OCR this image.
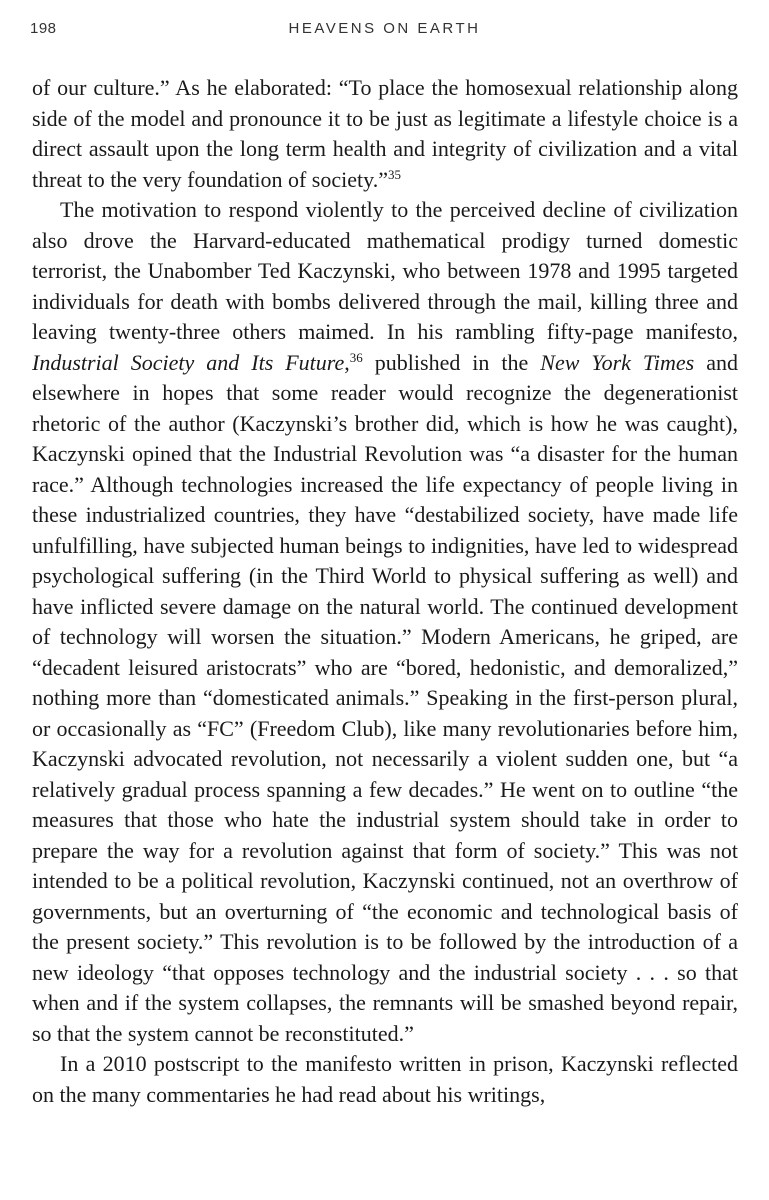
198	HEAVENS ON EARTH

of our culture.” As he elaborated: “To place the homosexual relationship along side of the model and pronounce it to be just as legitimate a lifestyle choice is a direct assault upon the long term health and integrity of civilization and a vital threat to the very foundation of society.”$^{35}$

The motivation to respond violently to the perceived decline of civilization also drove the Harvard-educated mathematical prodigy turned domestic terrorist, the Unabomber Ted Kaczynski, who between 1978 and 1995 targeted individuals for death with bombs delivered through the mail, killing three and leaving twenty-three others maimed. In his rambling fifty-page manifesto, Industrial Society and Its Future,$^{36}$ published in the New York Times and elsewhere in hopes that some reader would recognize the degenerationist rhetoric of the author (Kaczynski’s brother did, which is how he was caught), Kaczynski opined that the Industrial Revolution was “a disaster for the human race.” Although technologies increased the life expectancy of people living in these industrialized countries, they have “destabilized society, have made life unfulfilling, have subjected human beings to indignities, have led to widespread psychological suffering (in the Third World to physical suffering as well) and have inflicted severe damage on the natural world. The continued development of technology will worsen the situation.” Modern Americans, he griped, are “decadent leisured aristocrats” who are “bored, hedonistic, and demoralized,” nothing more than “domesticated animals.” Speaking in the first-person plural, or occasionally as “FC” (Freedom Club), like many revolutionaries before him, Kaczynski advocated revolution, not necessarily a violent sudden one, but “a relatively gradual process spanning a few decades.” He went on to outline “the measures that those who hate the industrial system should take in order to prepare the way for a revolution against that form of society.” This was not intended to be a political revolution, Kaczynski continued, not an overthrow of governments, but an overturning of “the economic and technological basis of the present society.” This revolution is to be followed by the introduction of a new ideology “that opposes technology and the industrial society . . . so that when and if the system collapses, the remnants will be smashed beyond repair, so that the system cannot be reconstituted.”

In a 2010 postscript to the manifesto written in prison, Kaczynski reflected on the many commentaries he had read about his writings,
